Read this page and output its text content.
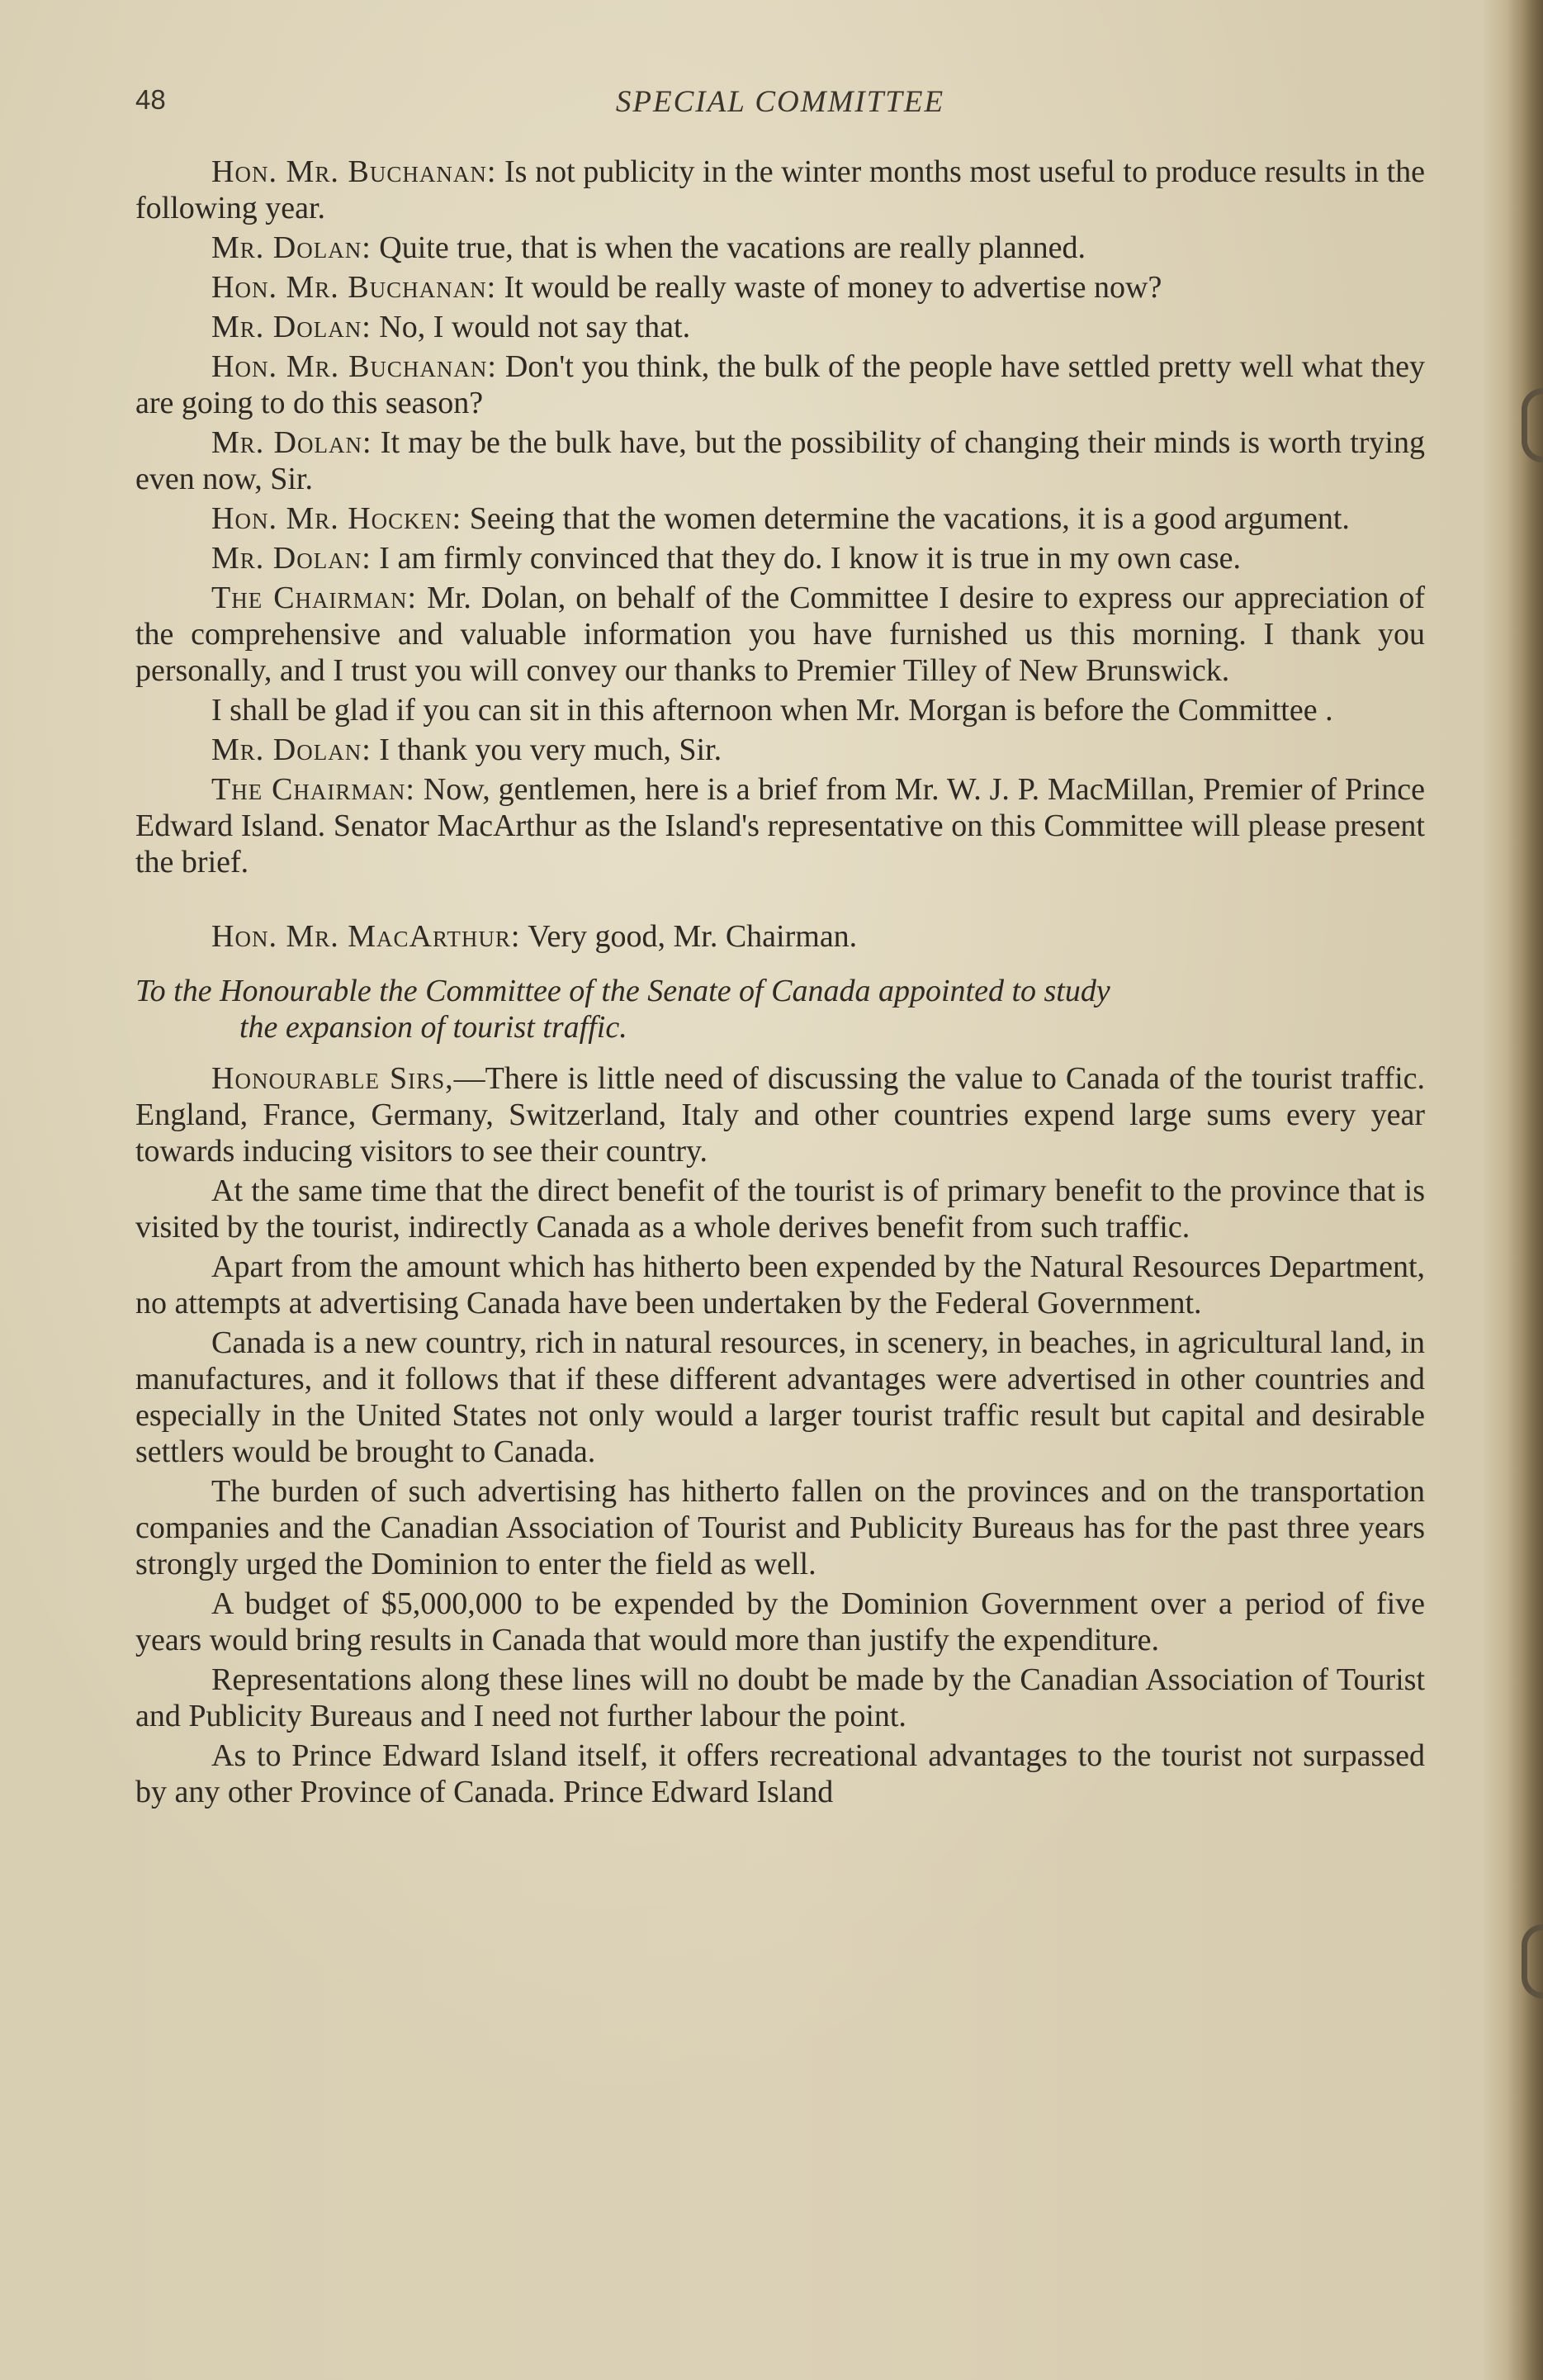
48	SPECIAL COMMITTEE

Hon. Mr. Buchanan: Is not publicity in the winter months most useful to produce results in the following year.

Mr. Dolan: Quite true, that is when the vacations are really planned.

Hon. Mr. Buchanan: It would be really waste of money to advertise now?

Mr. Dolan: No, I would not say that.

Hon. Mr. Buchanan: Don't you think, the bulk of the people have settled pretty well what they are going to do this season?

Mr. Dolan: It may be the bulk have, but the possibility of changing their minds is worth trying even now, Sir.

Hon. Mr. Hocken: Seeing that the women determine the vacations, it is a good argument.

Mr. Dolan: I am firmly convinced that they do. I know it is true in my own case.

The Chairman: Mr. Dolan, on behalf of the Committee I desire to express our appreciation of the comprehensive and valuable information you have furnished us this morning. I thank you personally, and I trust you will convey our thanks to Premier Tilley of New Brunswick.

I shall be glad if you can sit in this afternoon when Mr. Morgan is before the Committee .

Mr. Dolan: I thank you very much, Sir.

The Chairman: Now, gentlemen, here is a brief from Mr. W. J. P. MacMillan, Premier of Prince Edward Island. Senator MacArthur as the Island's representative on this Committee will please present the brief.

Hon. Mr. MacArthur: Very good, Mr. Chairman.

To the Honourable the Committee of the Senate of Canada appointed to study
the expansion of tourist traffic.

Honourable Sirs,—There is little need of discussing the value to Canada of the tourist traffic. England, France, Germany, Switzerland, Italy and other countries expend large sums every year towards inducing visitors to see their country.

At the same time that the direct benefit of the tourist is of primary benefit to the province that is visited by the tourist, indirectly Canada as a whole derives benefit from such traffic.

Apart from the amount which has hitherto been expended by the Natural Resources Department, no attempts at advertising Canada have been undertaken by the Federal Government.

Canada is a new country, rich in natural resources, in scenery, in beaches, in agricultural land, in manufactures, and it follows that if these different advantages were advertised in other countries and especially in the United States not only would a larger tourist traffic result but capital and desirable settlers would be brought to Canada.

The burden of such advertising has hitherto fallen on the provinces and on the transportation companies and the Canadian Association of Tourist and Publicity Bureaus has for the past three years strongly urged the Dominion to enter the field as well.

A budget of $5,000,000 to be expended by the Dominion Government over a period of five years would bring results in Canada that would more than justify the expenditure.

Representations along these lines will no doubt be made by the Canadian Association of Tourist and Publicity Bureaus and I need not further labour the point.

As to Prince Edward Island itself, it offers recreational advantages to the tourist not surpassed by any other Province of Canada. Prince Edward Island
